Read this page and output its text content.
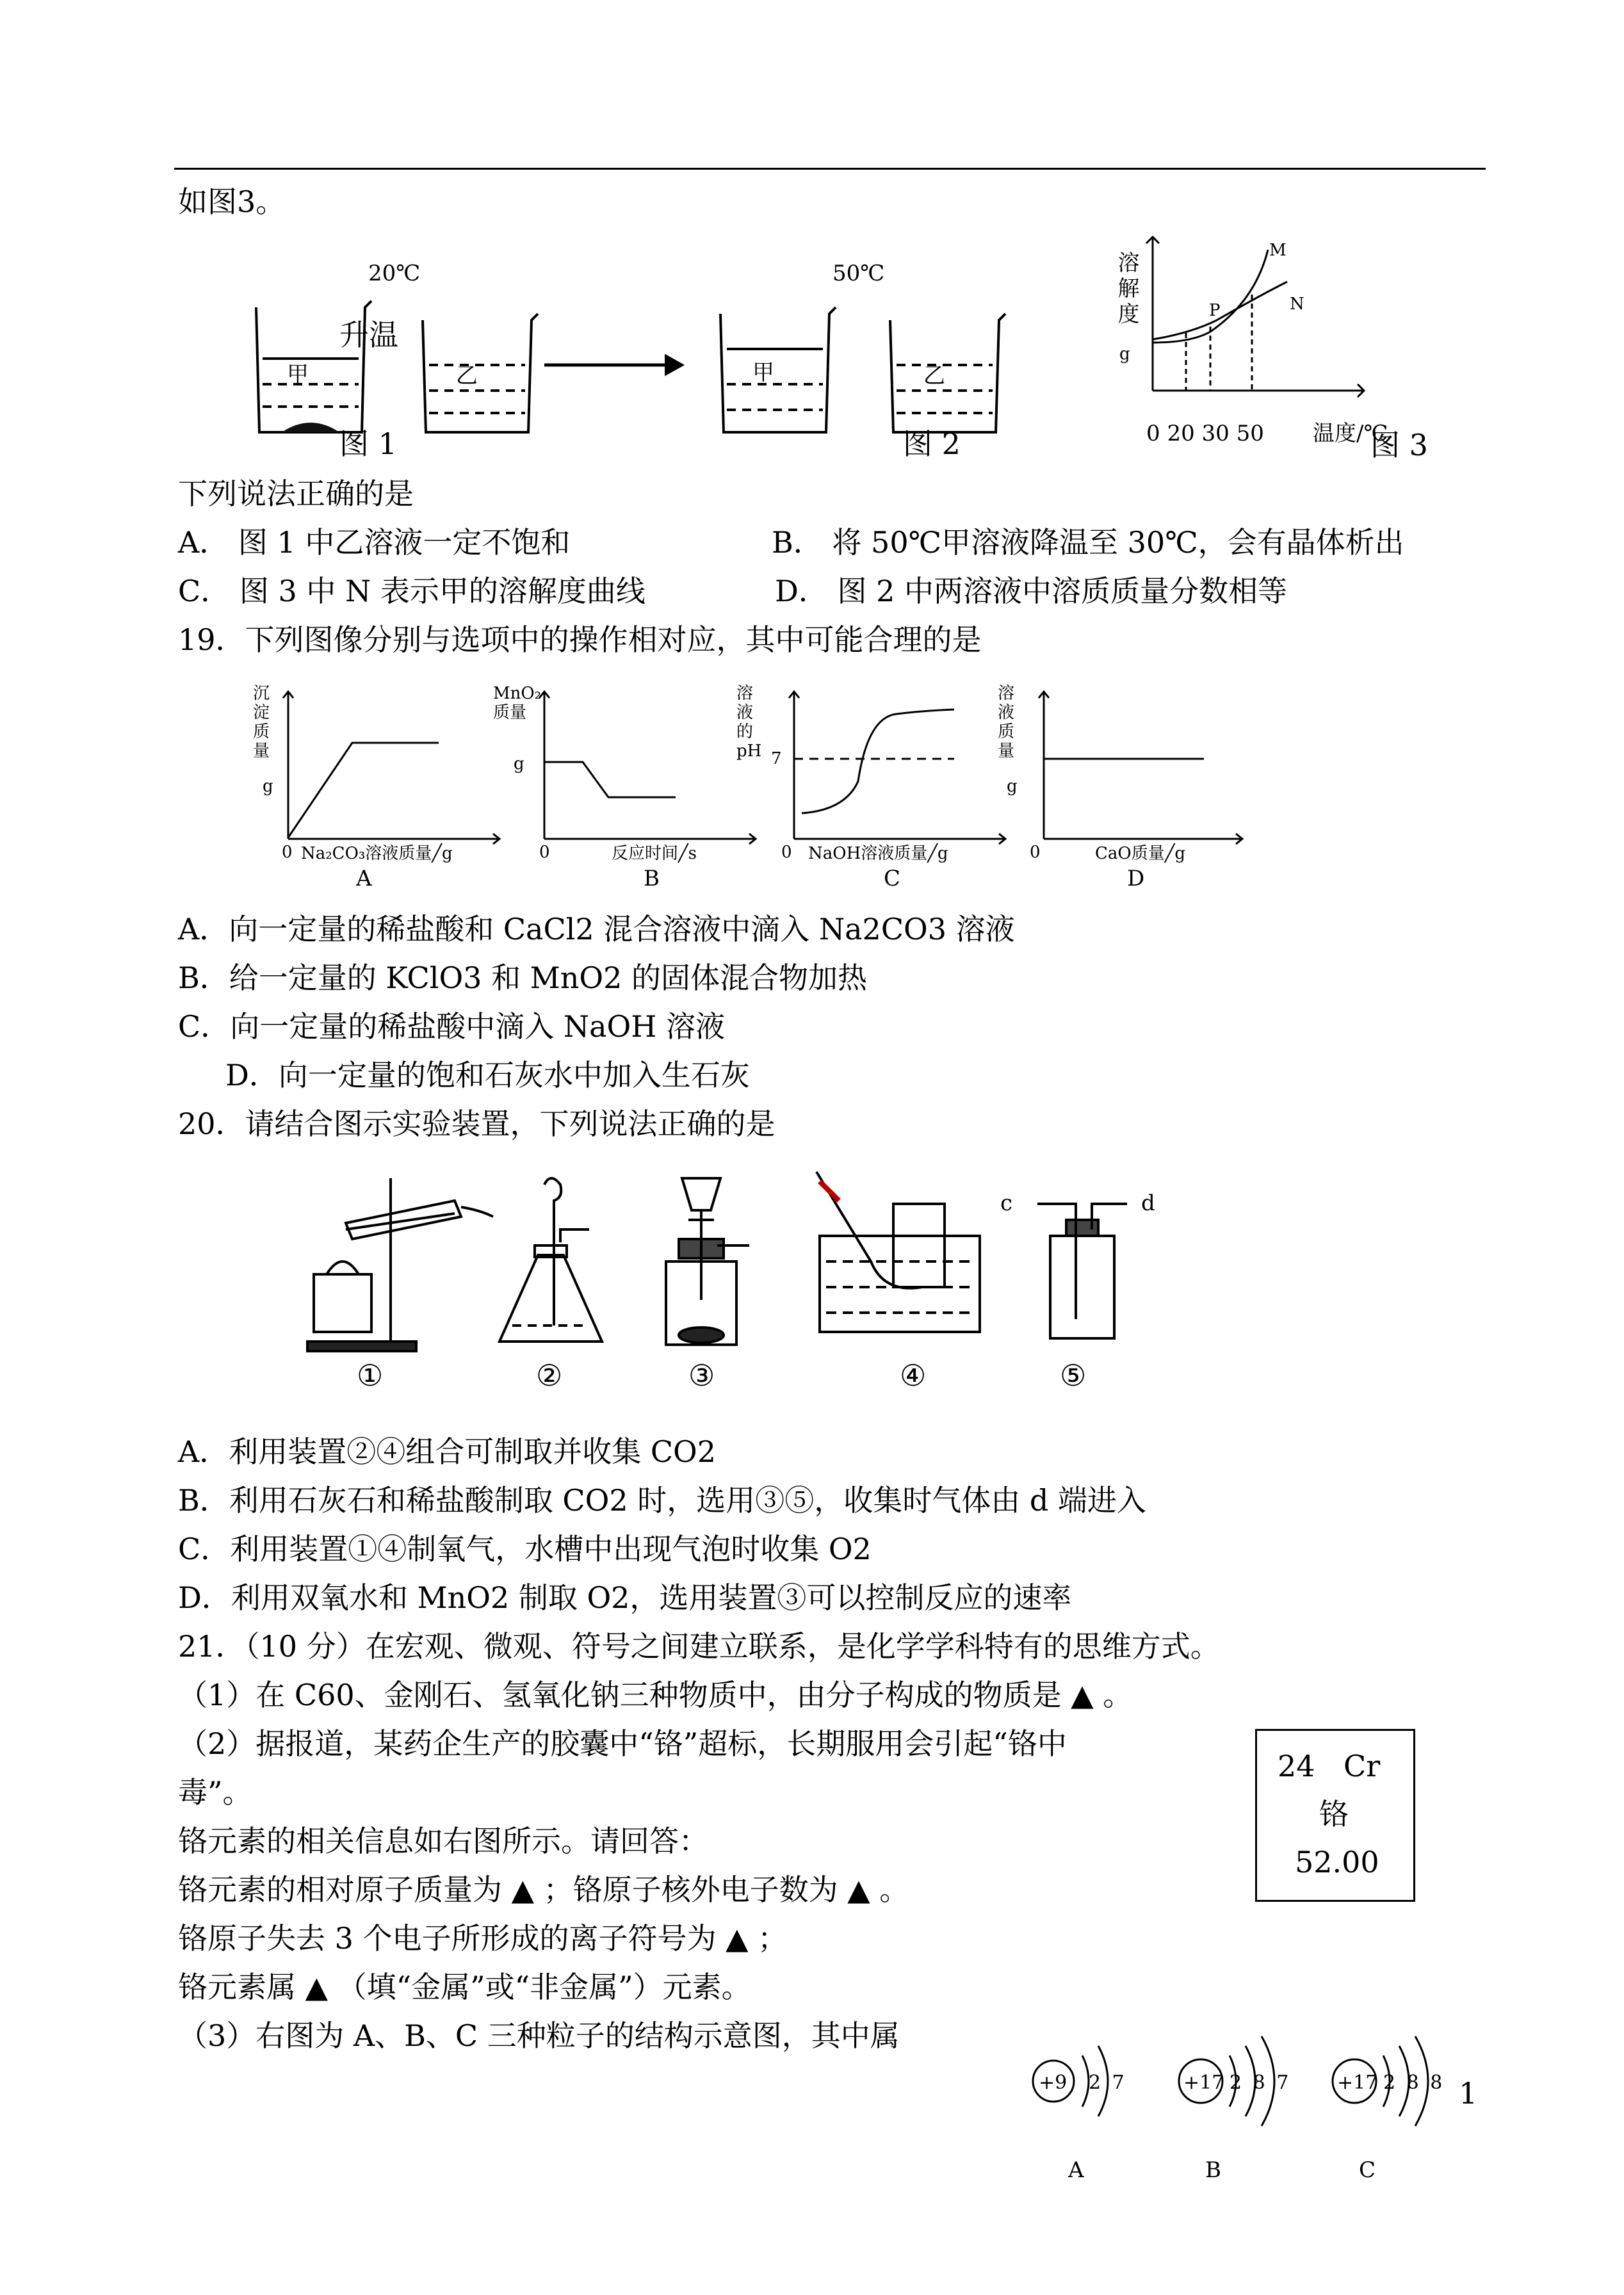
如图3。
20℃	50℃
甲	乙	甲	乙
升温
图 1	图 2
溶解度
g
M
N
P
0 20 30 50 温度/℃
图 3
下列说法正确的是
A． 图 1 中乙溶液一定不饱和	B． 将 50℃甲溶液降温至 30℃，会有晶体析出
C． 图 3 中 N 表示甲的溶解度曲线	D． 图 2 中两溶液中溶质质量分数相等
19．下列图像分别与选项中的操作相对应，其中可能合理的是
沉淀质量
g
0 Na₂CO₃溶液质量╱g
A
MnO₂质量
g
0	反应时间╱s
B
溶液的pH 7
0 NaOH溶液质量╱g
C
溶液质量
g
0	CaO质量╱g
D
A．向一定量的稀盐酸和 CaCl2 混合溶液中滴入 Na2CO3 溶液
B．给一定量的 KClO3 和 MnO2 的固体混合物加热
C．向一定量的稀盐酸中滴入 NaOH 溶液
D．向一定量的饱和石灰水中加入生石灰
20．请结合图示实验装置，下列说法正确的是
c	d
①	②	③	④	⑤
A．利用装置②④组合可制取并收集 CO2
B．利用石灰石和稀盐酸制取 CO2 时，选用③⑤，收集时气体由 d 端进入
C．利用装置①④制氧气，水槽中出现气泡时收集 O2
D．利用双氧水和 MnO2 制取 O2，选用装置③可以控制反应的速率
21．（10 分）在宏观、微观、符号之间建立联系，是化学学科特有的思维方式。
（1）在 C60、金刚石、氢氧化钠三种物质中，由分子构成的物质是 ▲ 。
（2）据报道，某药企生产的胶囊中“铬”超标，长期服用会引起“铬中
毒”。
铬元素的相关信息如右图所示。请回答：
铬元素的相对原子质量为 ▲ ；铬原子核外电子数为 ▲ 。
铬原子失去 3 个电子所形成的离子符号为 ▲ ；
铬元素属 ▲ （填“金属”或“非金属”）元素。
（3）右图为 A、B、C 三种粒子的结构示意图，其中属
24 Cr
铬
52.00
+9 2 7	+17 2 8 7 +17 2 8 8
A	B	C
1
